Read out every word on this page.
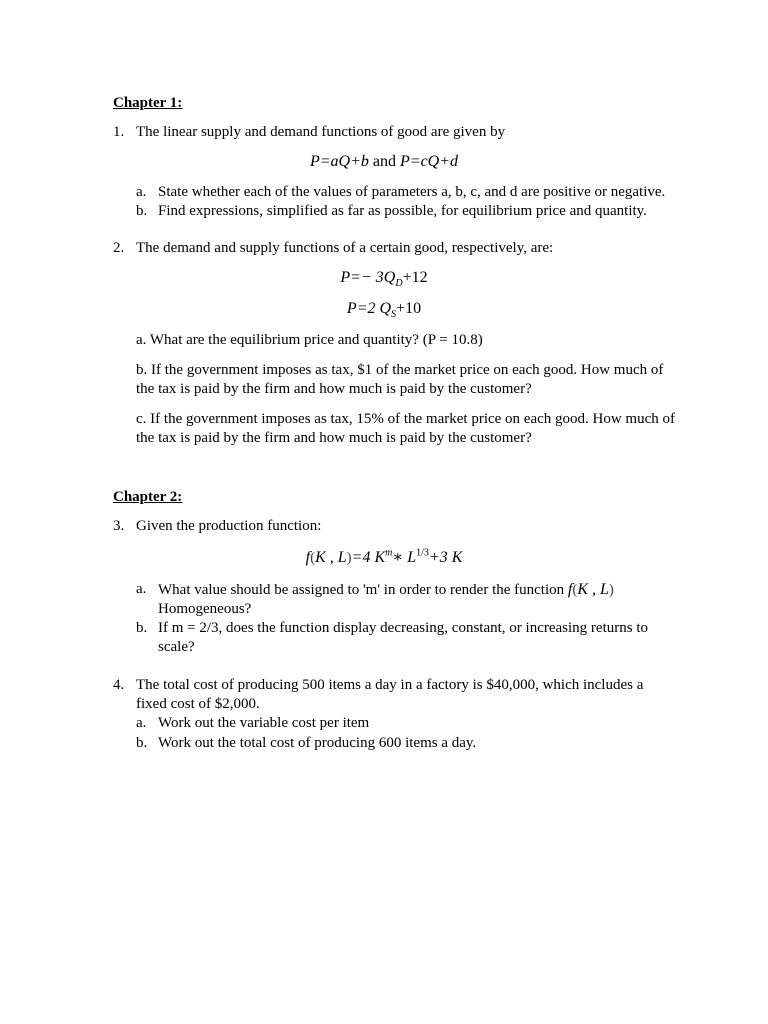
Chapter 1:
1. The linear supply and demand functions of good are given by
P=aQ+b and P=cQ+d
a. State whether each of the values of parameters a, b, c, and d are positive or negative.
b. Find expressions, simplified as far as possible, for equilibrium price and quantity.
2. The demand and supply functions of a certain good, respectively, are:
$P=- 3Q_D+12$
P=2 $Q_S+10$
a. What are the equilibrium price and quantity? (P = 10.8)
b. If the government imposes as tax, $1 of the market price on each good. How much of the tax is paid by the firm and how much is paid by the customer?
c. If the government imposes as tax, 15% of the market price on each good. How much of the tax is paid by the firm and how much is paid by the customer?
Chapter 2:
3. Given the production function:
f(K , L)=4 $K^m∗$ $L^{1/3}+3$ K
a. What value should be assigned to 'm' in order to render the function f(K , L)
Homogeneous?
b. If m = 2/3, does the function display decreasing, constant, or increasing returns to scale?
4. The total cost of producing 500 items a day in a factory is $40,000, which includes a fixed cost of $2,000.
a. Work out the variable cost per item
b. Work out the total cost of producing 600 items a day.
